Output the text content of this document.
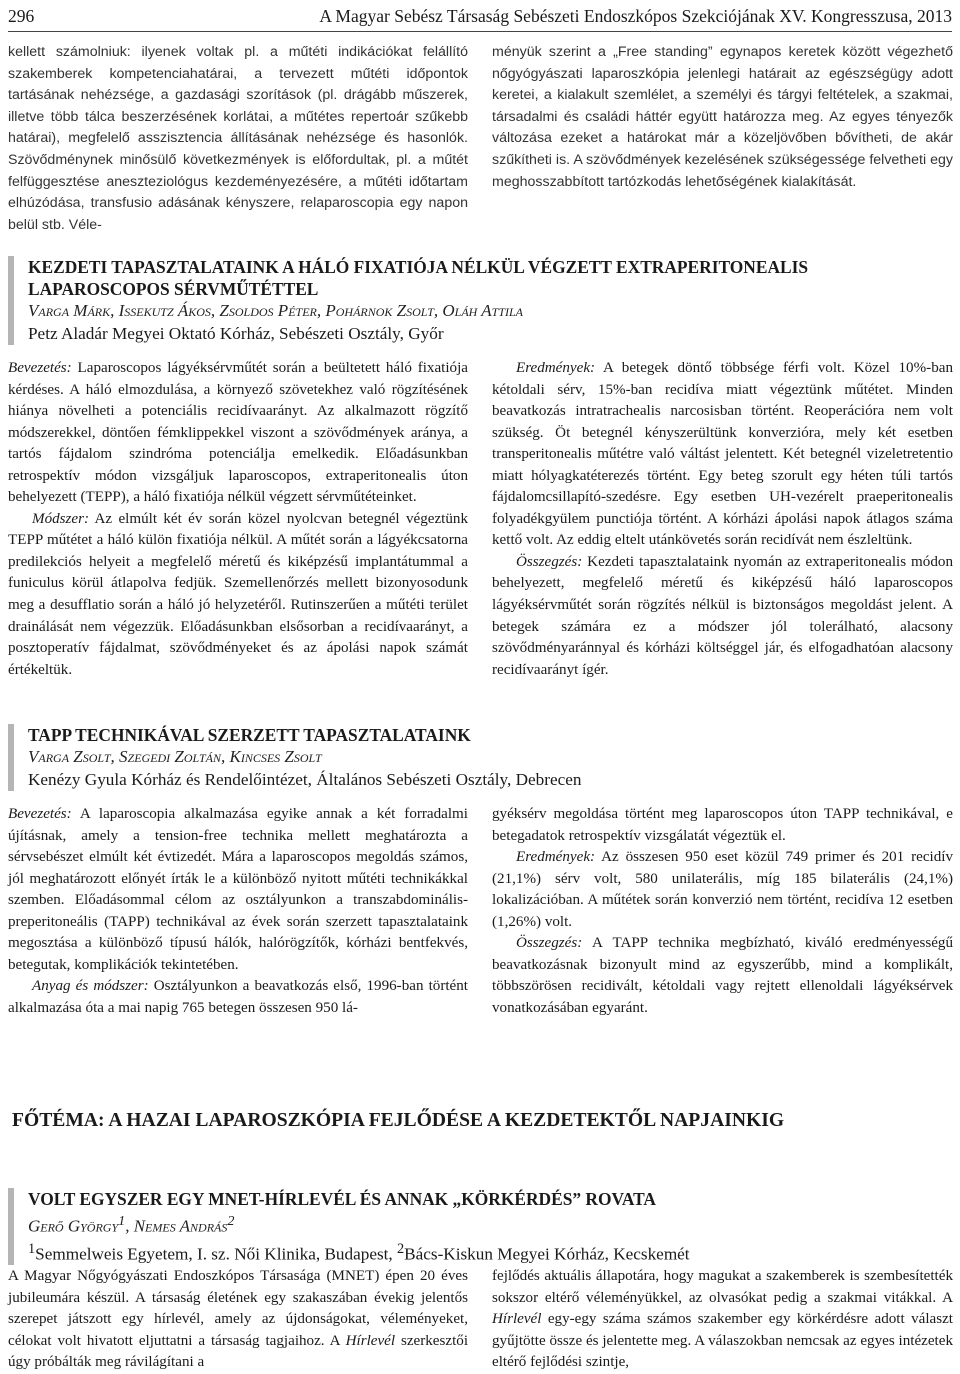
296	A Magyar Sebész Társaság Sebészeti Endoszkópos Szekciójának XV. Kongresszusa, 2013

kellett számolniuk: ilyenek voltak pl. a műtéti indikációkat felállító szakemberek kompetenciahatárai, a tervezett műtéti időpontok tartásának nehézsége, a gazdasági szorítások (pl. drágább műszerek, illetve több tálca beszerzésének korlátai, a műtétes repertoár szűkebb határai), megfelelő asszisztencia állításának nehézsége és hasonlók. Szövődménynek minősülő következmények is előfordultak, pl. a műtét felfüggesztése aneszteziológus kezdeményezésére, a műtéti időtartam elhúzódása, transfusio adásának kényszere, relaparoscopia egy napon belül stb. Véle-

ményük szerint a „Free standing” egynapos keretek között végezhető nőgyógyászati laparoszkópia jelenlegi határait az egészségügy adott keretei, a kialakult szemlélet, a személyi és tárgyi feltételek, a szakmai, társadalmi és családi háttér együtt határozza meg. Az egyes tényezők változása ezeket a határokat már a közeljövőben bővítheti, de akár szűkítheti is. A szövődmények kezelésének szükségessége felvetheti egy meghosszabbított tartózkodás lehetőségének kialakítását.

KEZDETI TAPASZTALATAINK A HÁLÓ FIXATIÓJA NÉLKÜL VÉGZETT EXTRAPERITONEALIS LAPAROSCOPOS SÉRVMŰTÉTTEL

Varga Márk, Issekutz Ákos, Zsoldos Péter, Pohárnok Zsolt, Oláh Attila

Petz Aladár Megyei Oktató Kórház, Sebészeti Osztály, Győr

Bevezetés: Laparoscopos lágyéksérvműtét során a beültetett háló fixatiója kérdéses. A háló elmozdulása, a környező szövetekhez való rögzítésének hiánya növelheti a potenciális recidívaarányt. Az alkalmazott rögzítő módszerekkel, döntően fémklippekkel viszont a szövődmények aránya, a tartós fájdalom szindróma potenciálja emelkedik. Előadásunkban retrospektív módon vizsgáljuk laparoscopos, extraperitonealis úton behelyezett (TEPP), a háló fixatiója nélkül végzett sérvműtéteinket.

Módszer: Az elmúlt két év során közel nyolcvan betegnél végeztünk TEPP műtétet a háló külön fixatiója nélkül. A műtét során a lágyékcsatorna predilekciós helyeit a megfelelő méretű és kiképzésű implantátummal a funiculus körül átlapolva fedjük. Szemellenőrzés mellett bizonyosodunk meg a desufflatio során a háló jó helyzetéről. Rutinszerűen a műtéti terület drainálását nem végezzük. Előadásunkban elsősorban a recidívaarányt, a posztoperatív fájdalmat, szövődményeket és az ápolási napok számát értékeltük.

Eredmények: A betegek döntő többsége férfi volt. Közel 10%-ban kétoldali sérv, 15%-ban recidíva miatt végeztünk műtétet. Minden beavatkozás intratrachealis narcosisban történt. Reoperációra nem volt szükség. Öt betegnél kényszerültünk konverzióra, mely két esetben transperitonealis műtétre való váltást jelentett. Két betegnél vizeletretentio miatt hólyagkatéterezés történt. Egy beteg szorult egy héten túli tartós fájdalomcsillapító-szedésre. Egy esetben UH-vezérelt praeperitonealis folyadékgyülem punctiója történt. A kórházi ápolási napok átlagos száma kettő volt. Az eddig eltelt utánkövetés során recidívát nem észleltünk.

Összegzés: Kezdeti tapasztalataink nyomán az extraperitonealis módon behelyezett, megfelelő méretű és kiképzésű háló laparoscopos lágyéksérvműtét során rögzítés nélkül is biztonságos megoldást jelent. A betegek számára ez a módszer jól tolerálható, alacsony szövődményaránnyal és kórházi költséggel jár, és elfogadhatóan alacsony recidívaarányt ígér.

TAPP TECHNIKÁVAL SZERZETT TAPASZTALATAINK

Varga Zsolt, Szegedi Zoltán, Kincses Zsolt

Kenézy Gyula Kórház és Rendelőintézet, Általános Sebészeti Osztály, Debrecen

Bevezetés: A laparoscopia alkalmazása egyike annak a két forradalmi újításnak, amely a tension-free technika mellett meghatározta a sérvsebészet elmúlt két évtizedét. Mára a laparoscopos megoldás számos, jól meghatározott előnyét írták le a különböző nyitott műtéti technikákkal szemben. Előadásommal célom az osztályunkon a transzabdominális-preperitoneális (TAPP) technikával az évek során szerzett tapasztalataink megosztása a különböző típusú hálók, halórögzítők, kórházi bentfekvés, betegutak, komplikációk tekintetében.

Anyag és módszer: Osztályunkon a beavatkozás első, 1996-ban történt alkalmazása óta a mai napig 765 betegen összesen 950 lá-

gyéksérv megoldása történt meg laparoscopos úton TAPP technikával, e betegadatok retrospektív vizsgálatát végeztük el.

Eredmények: Az összesen 950 eset közül 749 primer és 201 recidív (21,1%) sérv volt, 580 unilaterális, míg 185 bilaterális (24,1%) lokalizációban. A műtétek során konverzió nem történt, recidíva 12 esetben (1,26%) volt.

Összegzés: A TAPP technika megbízható, kiváló eredményességű beavatkozásnak bizonyult mind az egyszerűbb, mind a komplikált, többszörösen recidivált, kétoldali vagy rejtett ellenoldali lágyéksérvek vonatkozásában egyaránt.

FŐTÉMA: A HAZAI LAPAROSZKÓPIA FEJLŐDÉSE A KEZDETEKTŐL NAPJAINKIG

VOLT EGYSZER EGY MNET-HÍRLEVÉL ÉS ANNAK „KÖRKÉRDÉS” ROVATA

Gerő György$^1$, Nemes András$^2$

$^1$Semmelweis Egyetem, I. sz. Női Klinika, Budapest, $^2$Bács-Kiskun Megyei Kórház, Kecskemét

A Magyar Nőgyógyászati Endoszkópos Társasága (MNET) épen 20 éves jubileumára készül. A társaság életének egy szakaszában évekig jelentős szerepet játszott egy hírlevél, amely az újdonságokat, véleményeket, célokat volt hivatott eljuttatni a társaság tagjaihoz. A Hírlevél szerkesztői úgy próbálták meg rávilágítani a

fejlődés aktuális állapotára, hogy magukat a szakemberek is szembesítették sokszor eltérő véleményükkel, az olvasókat pedig a szakmai vitákkal. A Hírlevél egy-egy száma számos szakember egy körkérdésre adott választ gyűjtötte össze és jelentette meg. A válaszokban nemcsak az egyes intézetek eltérő fejlődési szintje,
